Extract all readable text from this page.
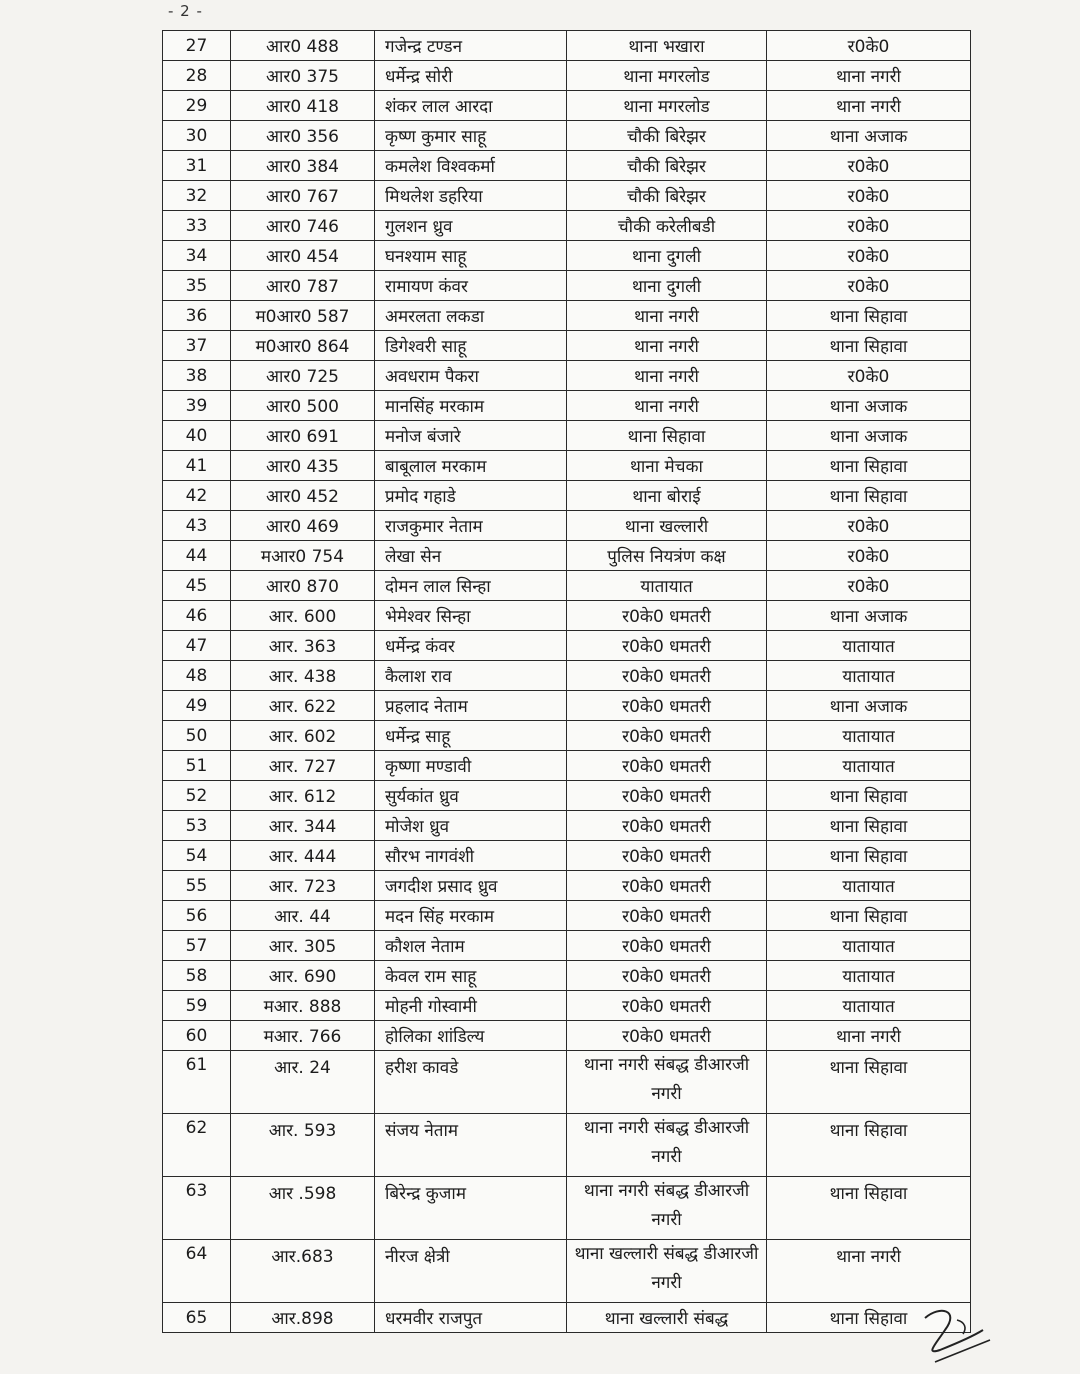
- 2 -
27	आर0 488	गजेन्द्र टण्डन	थाना भखारा	र0के0
28	आर0 375	धर्मेन्द्र सोरी	थाना मगरलोड	थाना नगरी
29	आर0 418	शंकर लाल आरदा	थाना मगरलोड	थाना नगरी
30	आर0 356	कृष्ण कुमार साहू	चौकी बिरेझर	थाना अजाक
31	आर0 384	कमलेश विश्वकर्मा	चौकी बिरेझर	र0के0
32	आर0 767	मिथलेश डहरिया	चौकी बिरेझर	र0के0
33	आर0 746	गुलशन ध्रुव	चौकी करेलीबडी	र0के0
34	आर0 454	घनश्याम साहू	थाना दुगली	र0के0
35	आर0 787	रामायण कंवर	थाना दुगली	र0के0
36	म0आर0 587	अमरलता लकडा	थाना नगरी	थाना सिहावा
37	म0आर0 864	डिगेश्वरी साहू	थाना नगरी	थाना सिहावा
38	आर0 725	अवधराम पैकरा	थाना नगरी	र0के0
39	आर0 500	मानसिंह मरकाम	थाना नगरी	थाना अजाक
40	आर0 691	मनोज बंजारे	थाना सिहावा	थाना अजाक
41	आर0 435	बाबूलाल मरकाम	थाना मेचका	थाना सिहावा
42	आर0 452	प्रमोद गहाडे	थाना बोराई	थाना सिहावा
43	आर0 469	राजकुमार नेताम	थाना खल्लारी	र0के0
44	मआर0 754	लेखा सेन	पुलिस नियत्रंण कक्ष	र0के0
45	आर0 870	दोमन लाल सिन्हा	यातायात	र0के0
46	आर. 600	भेमेश्वर सिन्हा	र0के0 धमतरी	थाना अजाक
47	आर. 363	धर्मेन्द्र कंवर	र0के0 धमतरी	यातायात
48	आर. 438	कैलाश राव	र0के0 धमतरी	यातायात
49	आर. 622	प्रहलाद नेताम	र0के0 धमतरी	थाना अजाक
50	आर. 602	धर्मेन्द्र साहू	र0के0 धमतरी	यातायात
51	आर. 727	कृष्णा मण्डावी	र0के0 धमतरी	यातायात
52	आर. 612	सुर्यकांत ध्रुव	र0के0 धमतरी	थाना सिहावा
53	आर. 344	मोजेश ध्रुव	र0के0 धमतरी	थाना सिहावा
54	आर. 444	सौरभ नागवंशी	र0के0 धमतरी	थाना सिहावा
55	आर. 723	जगदीश प्रसाद ध्रुव	र0के0 धमतरी	यातायात
56	आर. 44	मदन सिंह मरकाम	र0के0 धमतरी	थाना सिहावा
57	आर. 305	कौशल नेताम	र0के0 धमतरी	यातायात
58	आर. 690	केवल राम साहू	र0के0 धमतरी	यातायात
59	मआर. 888	मोहनी गोस्वामी	र0के0 धमतरी	यातायात
60	मआर. 766	होलिका शांडिल्य	र0के0 धमतरी	थाना नगरी
61	आर. 24	हरीश कावडे	थाना नगरी संबद्ध डीआरजी नगरी	थाना सिहावा
62	आर. 593	संजय नेताम	थाना नगरी संबद्ध डीआरजी नगरी	थाना सिहावा
63	आर .598	बिरेन्द्र कुजाम	थाना नगरी संबद्ध डीआरजी नगरी	थाना सिहावा
64	आर.683	नीरज क्षेत्री	थाना खल्लारी संबद्ध डीआरजी नगरी	थाना नगरी
65	आर.898	धरमवीर राजपुत	थाना खल्लारी संबद्ध	थाना सिहावा
